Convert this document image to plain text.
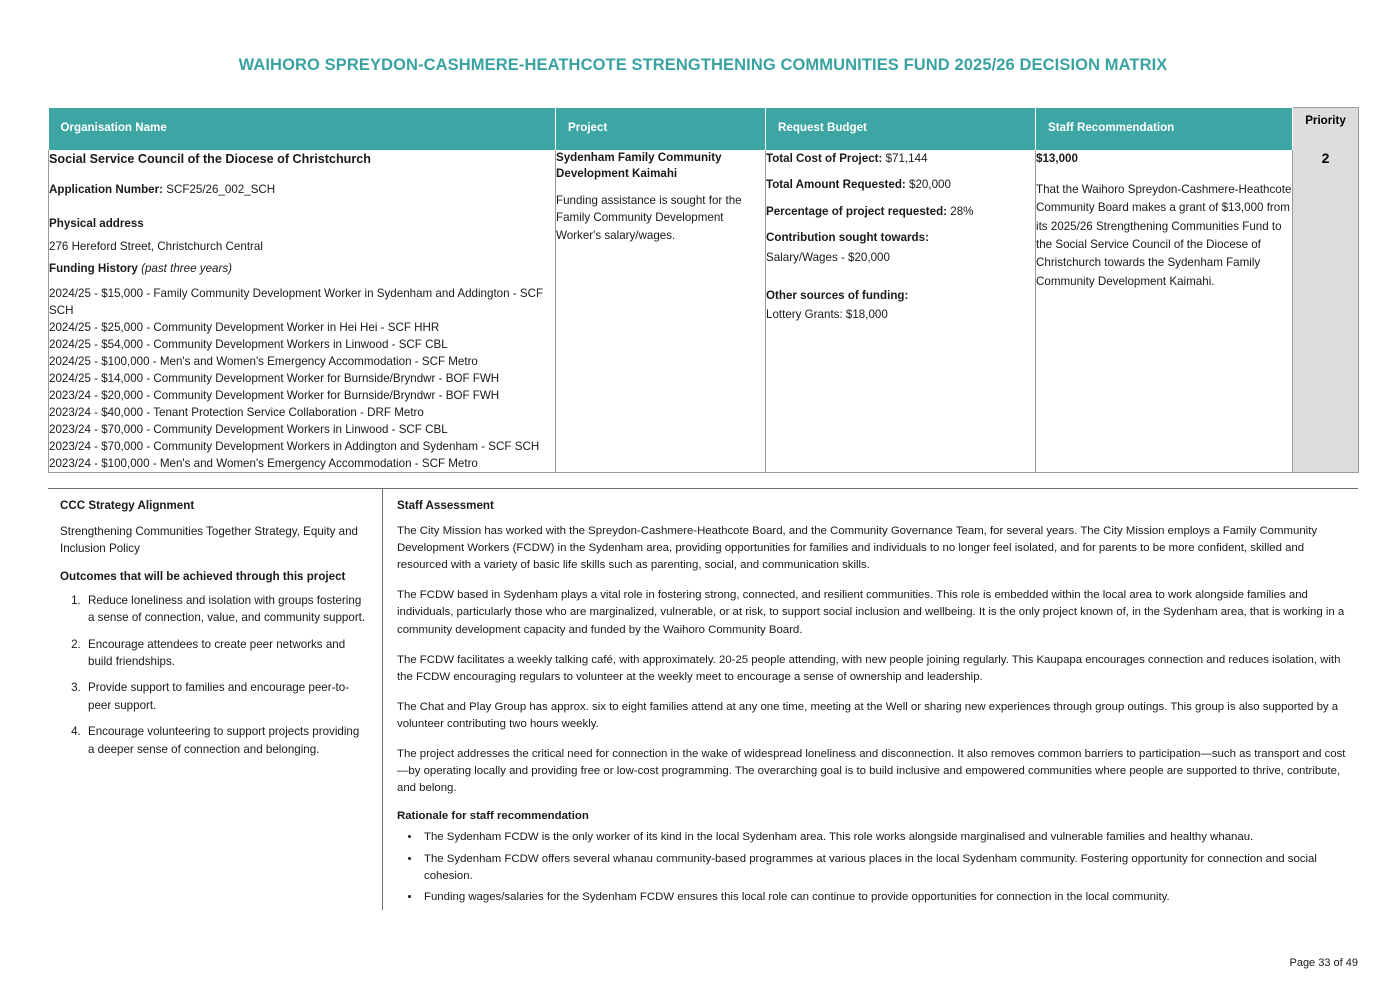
WAIHORO SPREYDON-CASHMERE-HEATHCOTE STRENGTHENING COMMUNITIES FUND 2025/26 DECISION MATRIX
Organisation Name	Project	Request Budget	Staff Recommendation	Priority

Social Service Council of the Diocese of Christchurch
Application Number: SCF25/26_002_SCH
Physical address
276 Hereford Street, Christchurch Central
Funding History (past three years)
2024/25 - $15,000 - Family Community Development Worker in Sydenham and Addington - SCF SCH
2024/25 - $25,000 - Community Development Worker in Hei Hei - SCF HHR
2024/25 - $54,000 - Community Development Workers in Linwood - SCF CBL
2024/25 - $100,000 - Men's and Women's Emergency Accommodation - SCF Metro
2024/25 - $14,000 - Community Development Worker for Burnside/Bryndwr - BOF FWH
2023/24 - $20,000 - Community Development Worker for Burnside/Bryndwr - BOF FWH
2023/24 - $40,000 - Tenant Protection Service Collaboration - DRF Metro
2023/24 - $70,000 - Community Development Workers in Linwood - SCF CBL
2023/24 - $70,000 - Community Development Workers in Addington and Sydenham - SCF SCH
2023/24 - $100,000 - Men's and Women's Emergency Accommodation - SCF Metro

Sydenham Family Community Development Kaimahi
Funding assistance is sought for the Family Community Development Worker's salary/wages.

Total Cost of Project: $71,144
Total Amount Requested: $20,000
Percentage of project requested: 28%
Contribution sought towards:
Salary/Wages - $20,000
Other sources of funding:
Lottery Grants: $18,000

$13,000
That the Waihoro Spreydon-Cashmere-Heathcote Community Board makes a grant of $13,000 from its 2025/26 Strengthening Communities Fund to the Social Service Council of the Diocese of Christchurch towards the Sydenham Family Community Development Kaimahi.
	2
CCC Strategy Alignment

Strengthening Communities Together Strategy, Equity and Inclusion Policy

Outcomes that will be achieved through this project
1. Reduce loneliness and isolation with groups fostering a sense of connection, value, and community support.
2. Encourage attendees to create peer networks and build friendships.
3. Provide support to families and encourage peer-to-peer support.
4. Encourage volunteering to support projects providing a deeper sense of connection and belonging.
Staff Assessment

The City Mission has worked with the Spreydon-Cashmere-Heathcote Board, and the Community Governance Team, for several years. The City Mission employs a Family Community Development Workers (FCDW) in the Sydenham area, providing opportunities for families and individuals to no longer feel isolated, and for parents to be more confident, skilled and resourced with a variety of basic life skills such as parenting, social, and communication skills.

The FCDW based in Sydenham plays a vital role in fostering strong, connected, and resilient communities. This role is embedded within the local area to work alongside families and individuals, particularly those who are marginalized, vulnerable, or at risk, to support social inclusion and wellbeing. It is the only project known of, in the Sydenham area, that is working in a community development capacity and funded by the Waihoro Community Board.

The FCDW facilitates a weekly talking café, with approximately. 20-25 people attending, with new people joining regularly. This Kaupapa encourages connection and reduces isolation, with the FCDW encouraging regulars to volunteer at the weekly meet to encourage a sense of ownership and leadership.

The Chat and Play Group has approx. six to eight families attend at any one time, meeting at the Well or sharing new experiences through group outings. This group is also supported by a volunteer contributing two hours weekly.

The project addresses the critical need for connection in the wake of widespread loneliness and disconnection. It also removes common barriers to participation—such as transport and cost—by operating locally and providing free or low-cost programming. The overarching goal is to build inclusive and empowered communities where people are supported to thrive, contribute, and belong.

Rationale for staff recommendation
• The Sydenham FCDW is the only worker of its kind in the local Sydenham area. This role works alongside marginalised and vulnerable families and healthy whanau.
• The Sydenham FCDW offers several whanau community-based programmes at various places in the local Sydenham community. Fostering opportunity for connection and social cohesion.
• Funding wages/salaries for the Sydenham FCDW ensures this local role can continue to provide opportunities for connection in the local community.
Page 33 of 49
